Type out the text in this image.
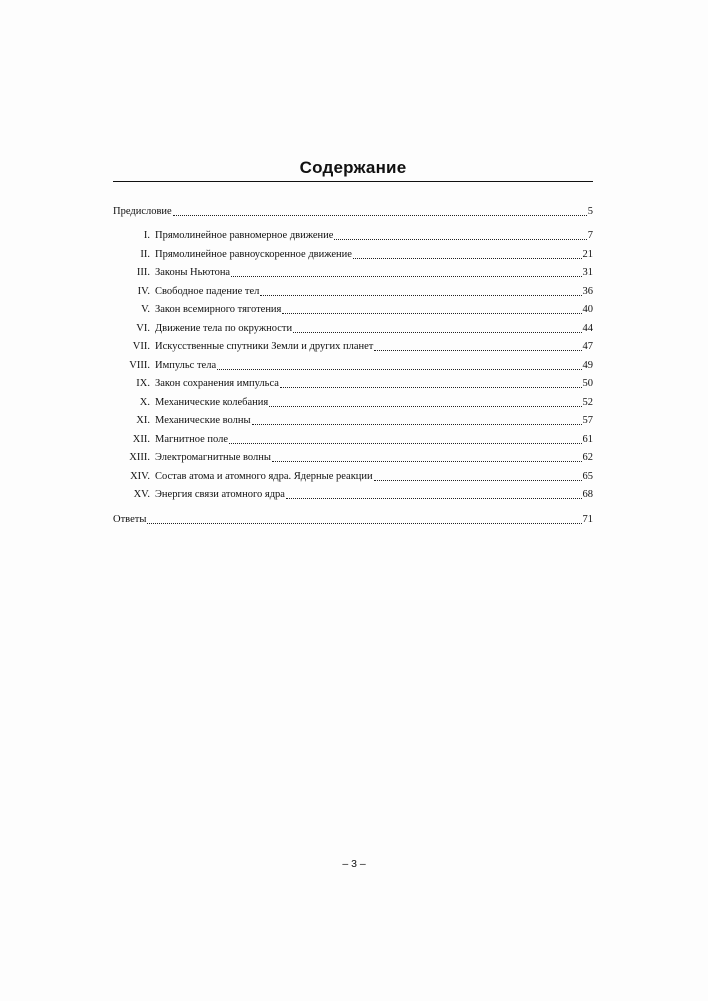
Содержание
Предисловие	5
I. Прямолинейное равномерное движение	7
II. Прямолинейное равноускоренное движение	21
III. Законы Ньютона	31
IV. Свободное падение тел	36
V. Закон всемирного тяготения	40
VI. Движение тела по окружности	44
VII. Искусственные спутники Земли и других планет	47
VIII. Импульс тела	49
IX. Закон сохранения импульса	50
X. Механические колебания	52
XI. Механические волны	57
XII. Магнитное поле	61
XIII. Электромагнитные волны	62
XIV. Состав атома и атомного ядра. Ядерные реакции	65
XV. Энергия связи атомного ядра	68
Ответы	71
– 3 –
